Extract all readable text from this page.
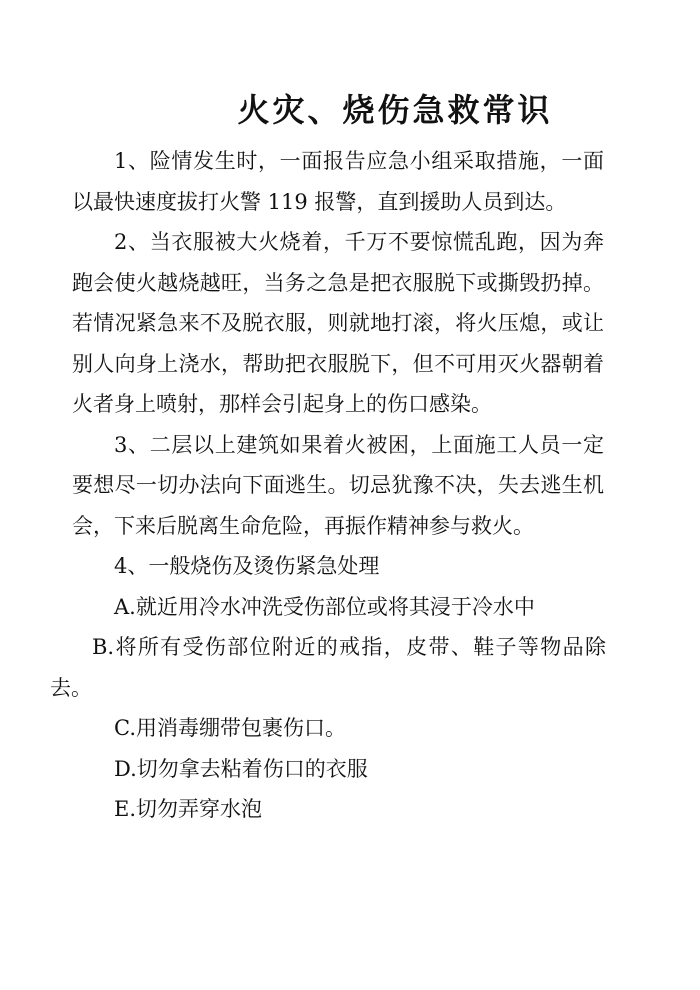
火灾、烧伤急救常识

1、险情发生时，一面报告应急小组采取措施，一面以最快速度拔打火警 119 报警，直到援助人员到达。

2、当衣服被大火烧着，千万不要惊慌乱跑，因为奔跑会使火越烧越旺，当务之急是把衣服脱下或撕毁扔掉。若情况紧急来不及脱衣服，则就地打滚，将火压熄，或让别人向身上浇水，帮助把衣服脱下，但不可用灭火器朝着火者身上喷射，那样会引起身上的伤口感染。

3、二层以上建筑如果着火被困，上面施工人员一定要想尽一切办法向下面逃生。切忌犹豫不决，失去逃生机会，下来后脱离生命危险，再振作精神参与救火。

4、一般烧伤及烫伤紧急处理

A.就近用冷水冲洗受伤部位或将其浸于冷水中

B.将所有受伤部位附近的戒指，皮带、鞋子等物品除去。

C.用消毒绷带包裹伤口。

D.切勿拿去粘着伤口的衣服

E.切勿弄穿水泡
